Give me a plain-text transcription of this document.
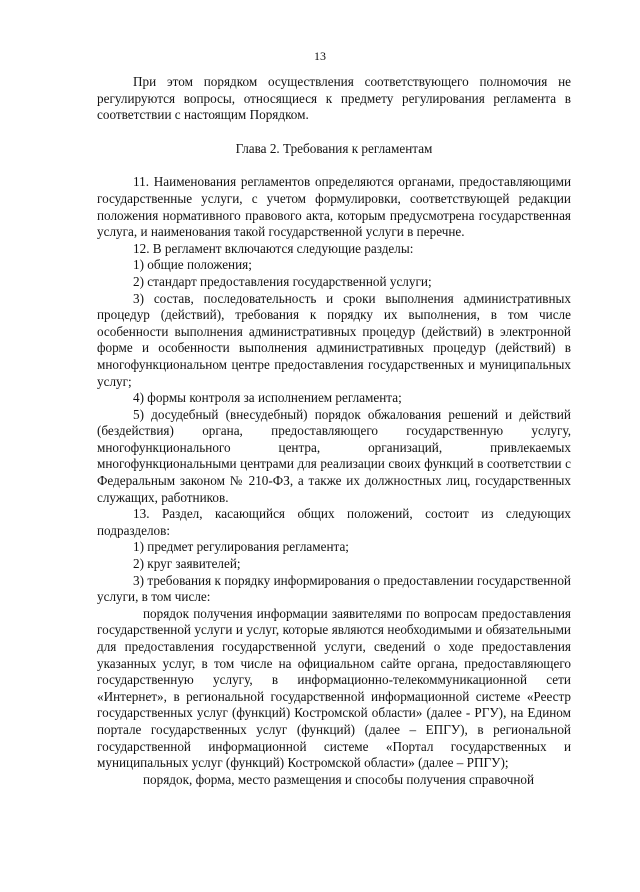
13

При этом порядком осуществления соответствующего полномочия не регулируются вопросы, относящиеся к предмету регулирования регламента в соответствии с настоящим Порядком.

Глава 2. Требования к регламентам

11. Наименования регламентов определяются органами, предоставляющими государственные услуги, с учетом формулировки, соответствующей редакции положения нормативного правового акта, которым предусмотрена государственная услуга, и наименования такой государственной услуги в перечне.

12. В регламент включаются следующие разделы:

1) общие положения;

2) стандарт предоставления государственной услуги;

3) состав, последовательность и сроки выполнения административных процедур (действий), требования к порядку их выполнения, в том числе особенности выполнения административных процедур (действий) в электронной форме и особенности выполнения административных процедур (действий) в многофункциональном центре предоставления государственных и муниципальных услуг;

4) формы контроля за исполнением регламента;

5) досудебный (внесудебный) порядок обжалования решений и действий (бездействия) органа, предоставляющего государственную услугу, многофункционального центра, организаций, привлекаемых многофункциональными центрами для реализации своих функций в соответствии с Федеральным законом № 210-ФЗ, а также их должностных лиц, государственных служащих, работников.

13. Раздел, касающийся общих положений, состоит из следующих подразделов:

1) предмет регулирования регламента;

2) круг заявителей;

3) требования к порядку информирования о предоставлении государственной услуги, в том числе:

порядок получения информации заявителями по вопросам предоставления государственной услуги и услуг, которые являются необходимыми и обязательными для предоставления государственной услуги, сведений о ходе предоставления указанных услуг, в том числе на официальном сайте органа, предоставляющего государственную услугу, в информационно-телекоммуникационной сети «Интернет», в региональной государственной информационной системе «Реестр государственных услуг (функций) Костромской области» (далее - РГУ), на Едином портале государственных услуг (функций) (далее – ЕПГУ), в региональной государственной информационной системе «Портал государственных и муниципальных услуг (функций) Костромской области» (далее – РПГУ);

порядок, форма, место размещения и способы получения справочной
